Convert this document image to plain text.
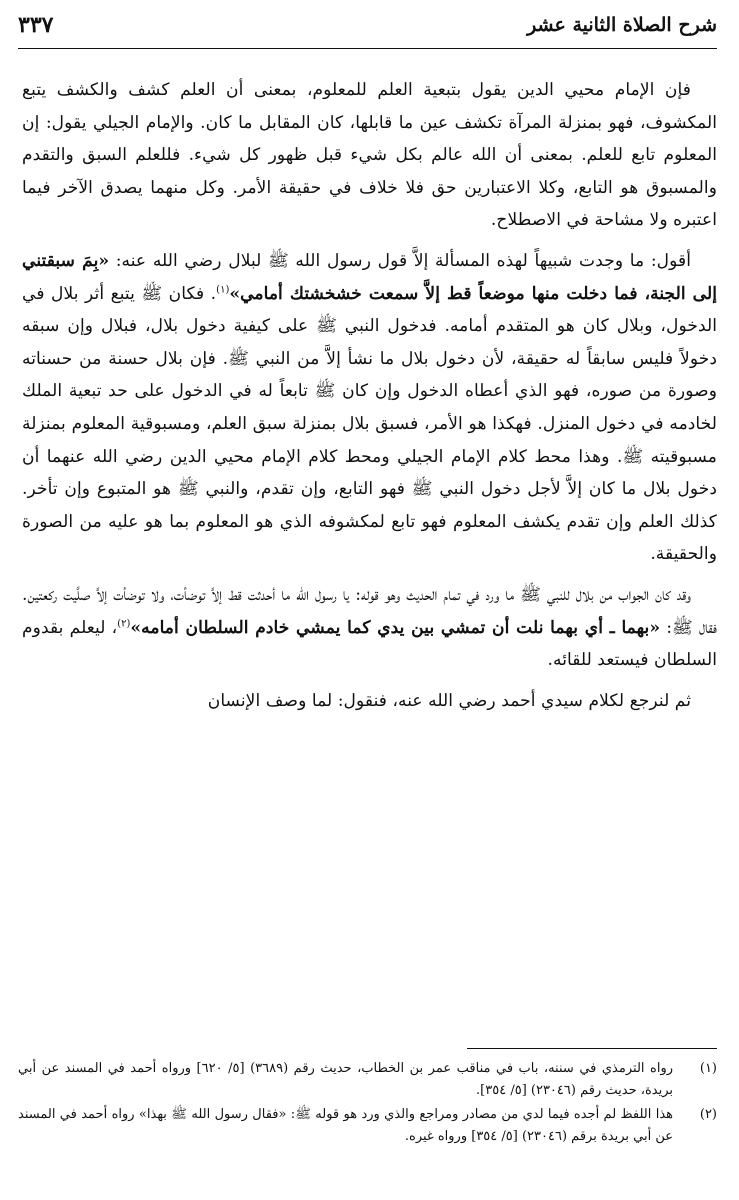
شرح الصلاة الثانية عشر
٣٣٧

فإن الإمام محيي الدين يقول بتبعية العلم للمعلوم، بمعنى أن العلم كشف والكشف يتبع المكشوف، فهو بمنزلة المرآة تكشف عين ما قابلها، كان المقابل ما كان. والإمام الجيلي يقول: إن المعلوم تابع للعلم. بمعنى أن الله عالم بكل شيء قبل ظهور كل شيء. فللعلم السبق والتقدم والمسبوق هو التابع، وكلا الاعتبارين حق فلا خلاف في حقيقة الأمر. وكل منهما يصدق الآخر فيما اعتبره ولا مشاحة في الاصطلاح.

أقول: ما وجدت شبيهاً لهذه المسألة إلاَّ قول رسول الله ﷺ لبلال رضي الله عنه: «بِمَ سبقتني إلى الجنة، فما دخلت منها موضعاً قط إلاَّ سمعت خشخشتك أمامي»$^{(١)}$. فكان ﷺ يتبع أثر بلال في الدخول، وبلال كان هو المتقدم أمامه. فدخول النبي ﷺ على كيفية دخول بلال، فبلال وإن سبقه دخولاً فليس سابقاً له حقيقة، لأن دخول بلال ما نشأ إلاَّ من النبي ﷺ. فإن بلال حسنة من حسناته وصورة من صوره، فهو الذي أعطاه الدخول وإن كان ﷺ تابعاً له في الدخول على حد تبعية الملك لخادمه في دخول المنزل. فهكذا هو الأمر، فسبق بلال بمنزلة سبق العلم، ومسبوقية المعلوم بمنزلة مسبوقيته ﷺ. وهذا محط كلام الإمام الجيلي ومحط كلام الإمام محيي الدين رضي الله عنهما أن دخول بلال ما كان إلاَّ لأجل دخول النبي ﷺ فهو التابع، وإن تقدم، والنبي ﷺ هو المتبوع وإن تأخر. كذلك العلم وإن تقدم يكشف المعلوم فهو تابع لمكشوفه الذي هو المعلوم بما هو عليه من الصورة والحقيقة.

وقد كان الجواب من بلال للنبي ﷺ ما ورد في تمام الحديث وهو قوله: يا رسول الله ما أحدثت قط إلاَّ توضأت، ولا توضأت إلاَّ صلَّيت ركعتين. فقال ﷺ: «بهما ـ أي بهما نلت أن تمشي بين يدي كما يمشي خادم السلطان أمامه»$^{(٢)}$، ليعلم بقدوم السلطان فيستعد للقائه.

ثم لنرجع لكلام سيدي أحمد رضي الله عنه، فنقول: لما وصف الإنسان

(١)
رواه الترمذي في سننه، باب في مناقب عمر بن الخطاب، حديث رقم (٣٦٨٩) [٥/ ٦٢٠] ورواه أحمد في المسند عن أبي بريدة، حديث رقم (٢٣٠٤٦) [٥/ ٣٥٤].
(٢)
هذا اللفظ لم أجده فيما لدي من مصادر ومراجع والذي ورد هو قوله ﷺ: «فقال رسول الله ﷺ بهذا» رواه أحمد في المسند عن أبي بريدة برقم (٢٣٠٤٦) [٥/ ٣٥٤] ورواه غيره.
